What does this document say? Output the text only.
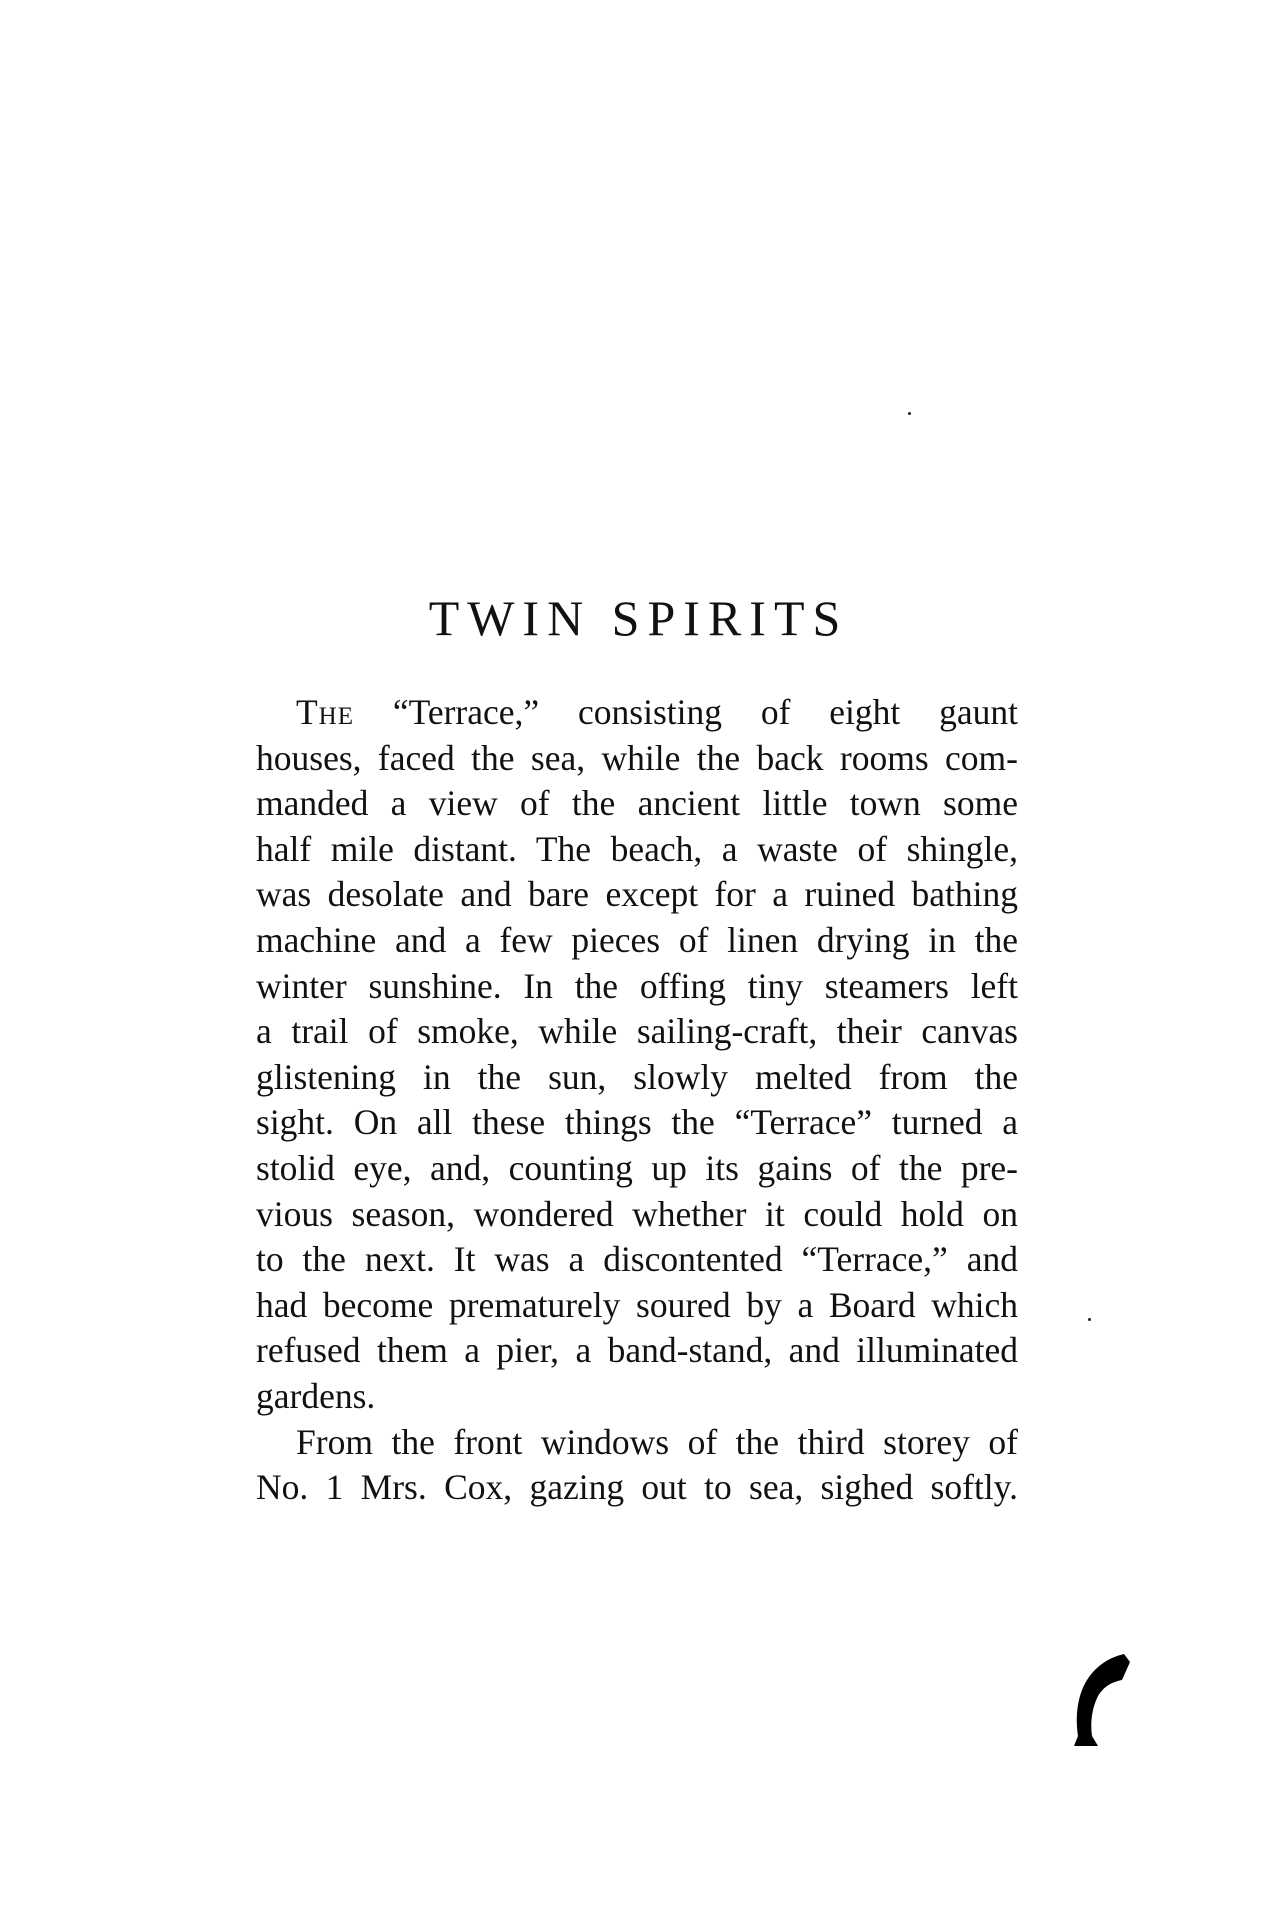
TWIN SPIRITS
The “Terrace,” consisting of eight gaunt
houses, faced the sea, while the back rooms com-
manded a view of the ancient little town some
half mile distant. The beach, a waste of shingle,
was desolate and bare except for a ruined bathing
machine and a few pieces of linen drying in the
winter sunshine. In the offing tiny steamers left
a trail of smoke, while sailing-craft, their canvas
glistening in the sun, slowly melted from the
sight. On all these things the “Terrace” turned a
stolid eye, and, counting up its gains of the pre-
vious season, wondered whether it could hold on
to the next. It was a discontented “Terrace,” and
had become prematurely soured by a Board which
refused them a pier, a band-stand, and illuminated
gardens.
From the front windows of the third storey of
No. 1 Mrs. Cox, gazing out to sea, sighed softly.
